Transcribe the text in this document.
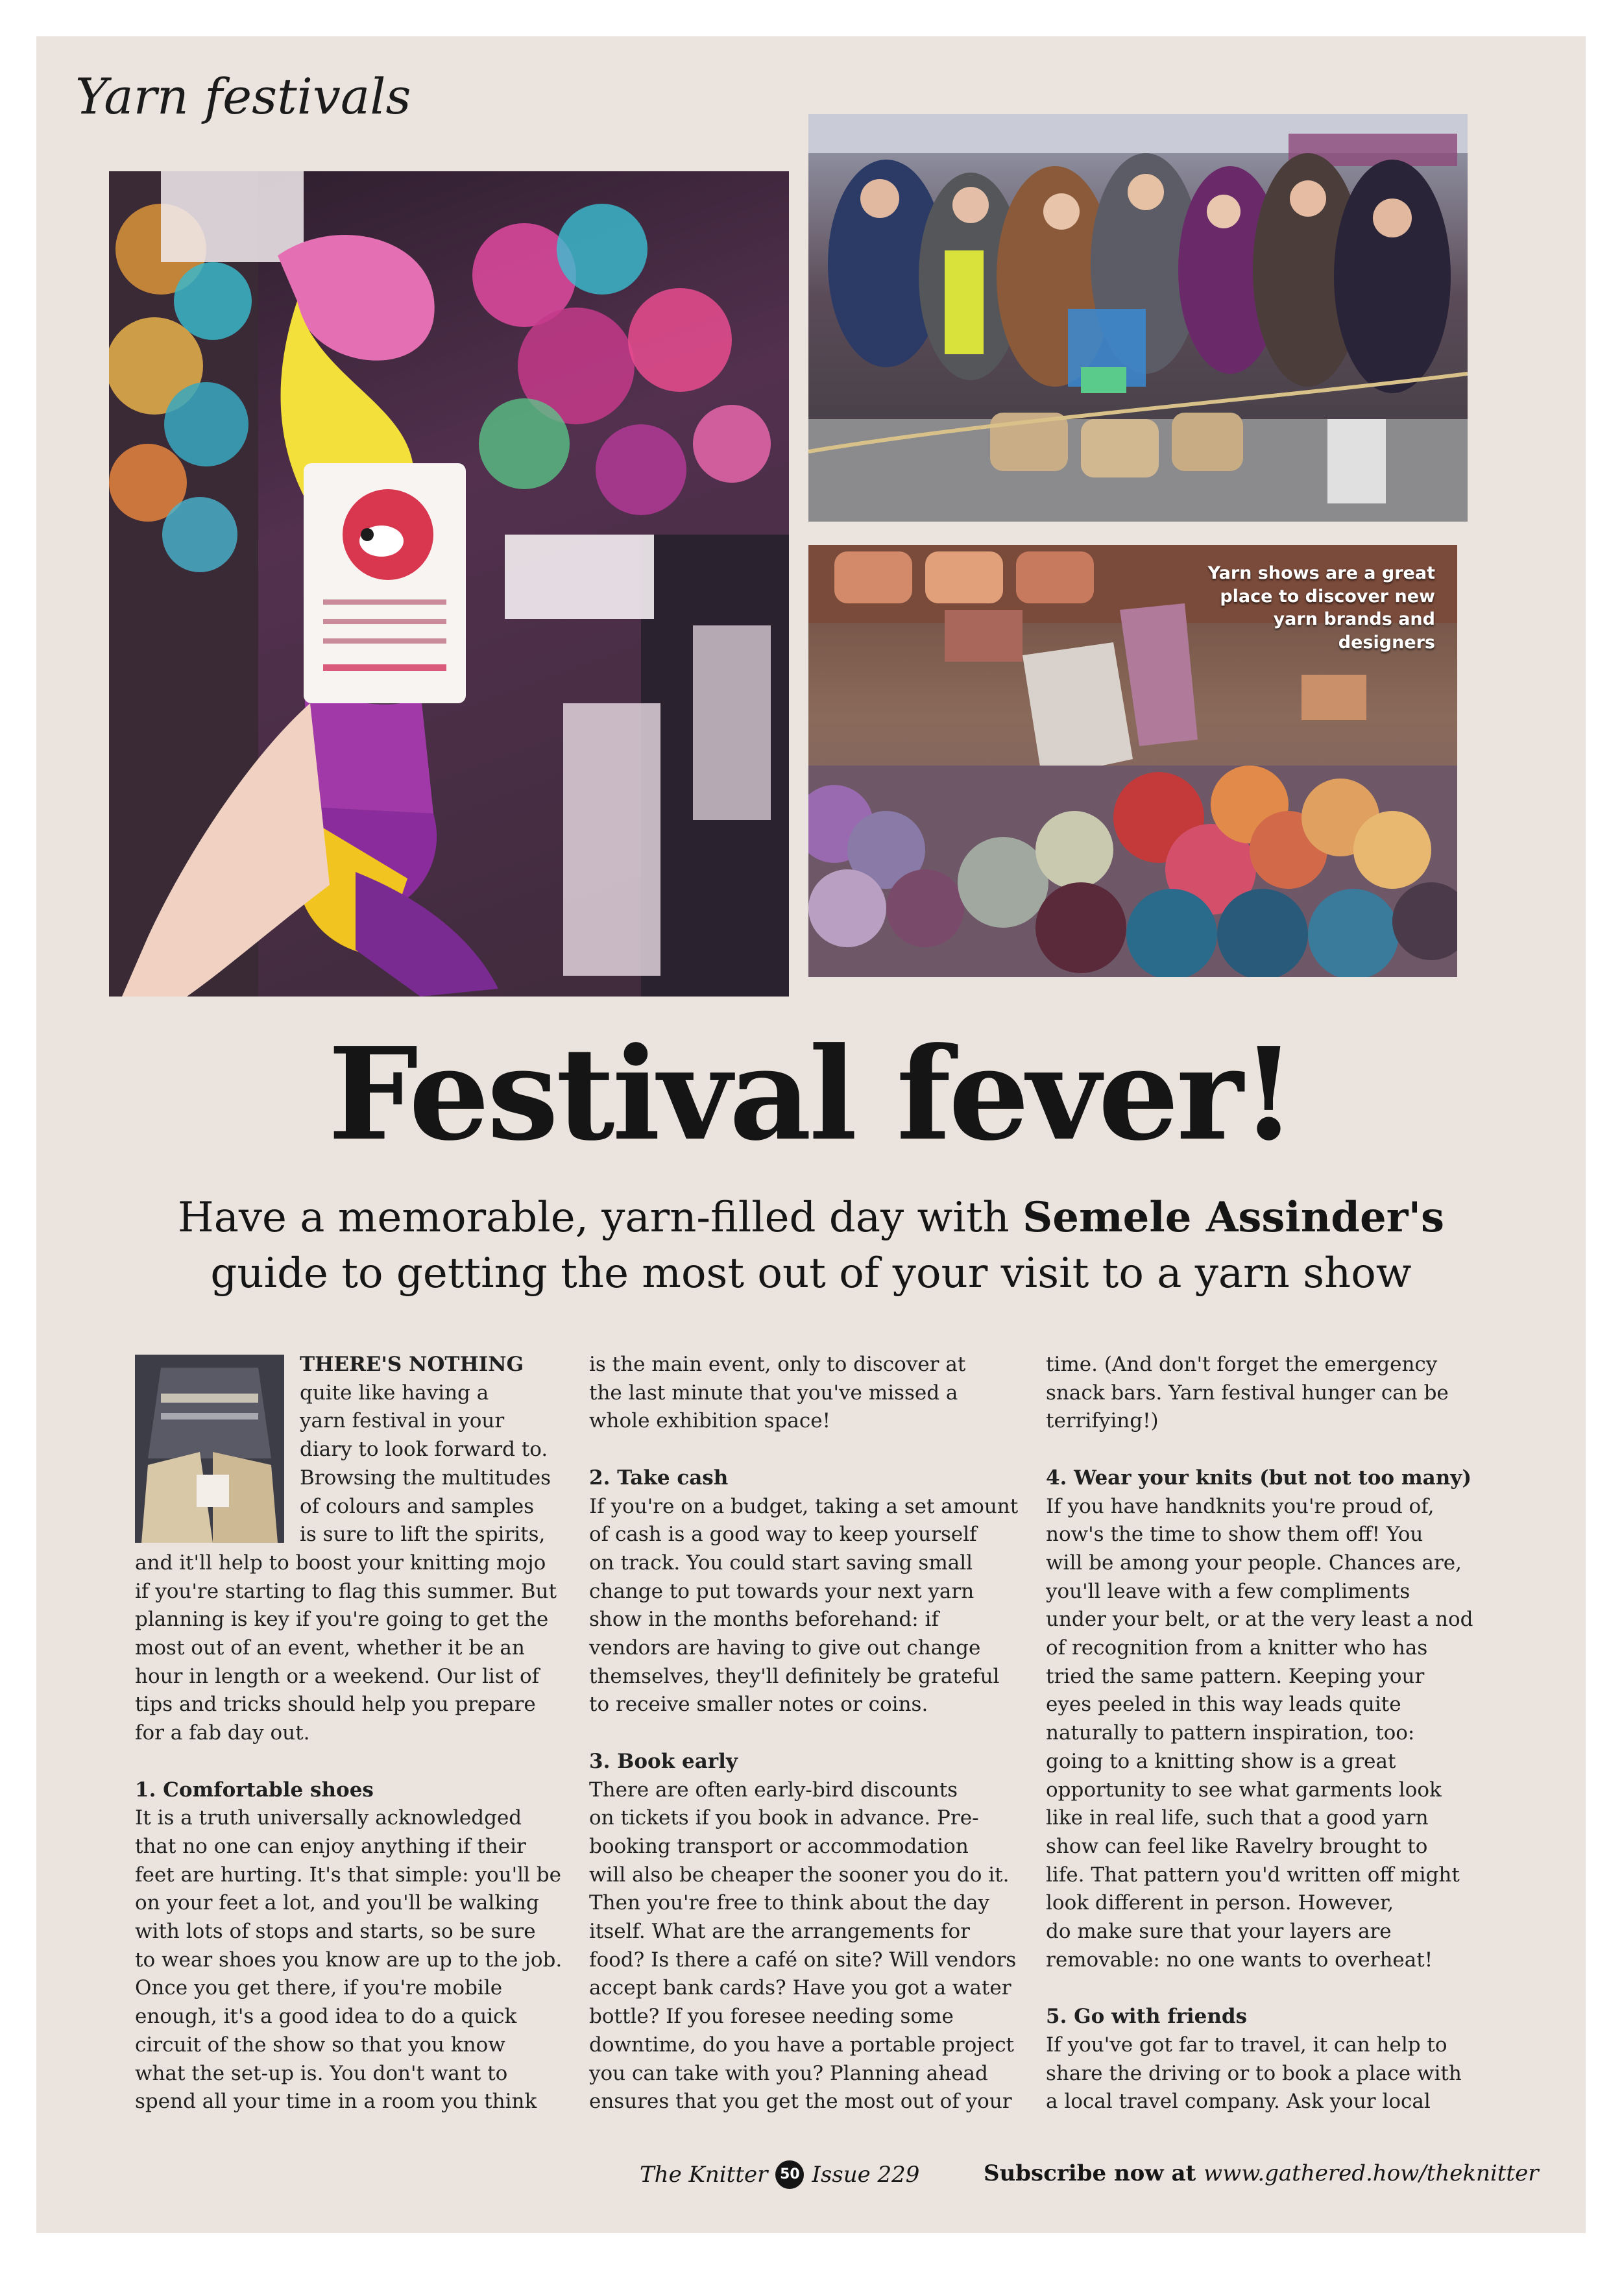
Yarn festivals
Yarn shows are a great place to discover new yarn brands and designers
Festival fever!
Have a memorable, yarn-filled day with Semele Assinder's
guide to getting the most out of your visit to a yarn show
THERE'S NOTHING
quite like having a
yarn festival in your
diary to look forward to.
Browsing the multitudes
of colours and samples
is sure to lift the spirits,
and it'll help to boost your knitting mojo
if you're starting to flag this summer. But
planning is key if you're going to get the
most out of an event, whether it be an
hour in length or a weekend. Our list of
tips and tricks should help you prepare
for a fab day out.
1. Comfortable shoes
It is a truth universally acknowledged
that no one can enjoy anything if their
feet are hurting. It's that simple: you'll be
on your feet a lot, and you'll be walking
with lots of stops and starts, so be sure
to wear shoes you know are up to the job.
Once you get there, if you're mobile
enough, it's a good idea to do a quick
circuit of the show so that you know
what the set-up is. You don't want to
spend all your time in a room you think
is the main event, only to discover at
the last minute that you've missed a
whole exhibition space!
2. Take cash
If you're on a budget, taking a set amount
of cash is a good way to keep yourself
on track. You could start saving small
change to put towards your next yarn
show in the months beforehand: if
vendors are having to give out change
themselves, they'll definitely be grateful
to receive smaller notes or coins.
3. Book early
There are often early-bird discounts
on tickets if you book in advance. Pre-
booking transport or accommodation
will also be cheaper the sooner you do it.
Then you're free to think about the day
itself. What are the arrangements for
food? Is there a café on site? Will vendors
accept bank cards? Have you got a water
bottle? If you foresee needing some
downtime, do you have a portable project
you can take with you? Planning ahead
ensures that you get the most out of your
time. (And don't forget the emergency
snack bars. Yarn festival hunger can be
terrifying!)
4. Wear your knits (but not too many)
If you have handknits you're proud of,
now's the time to show them off! You
will be among your people. Chances are,
you'll leave with a few compliments
under your belt, or at the very least a nod
of recognition from a knitter who has
tried the same pattern. Keeping your
eyes peeled in this way leads quite
naturally to pattern inspiration, too:
going to a knitting show is a great
opportunity to see what garments look
like in real life, such that a good yarn
show can feel like Ravelry brought to
life. That pattern you'd written off might
look different in person. However,
do make sure that your layers are
removable: no one wants to overheat!
5. Go with friends
If you've got far to travel, it can help to
share the driving or to book a place with
a local travel company. Ask your local
The Knitter 50 Issue 229	Subscribe now at www.gathered.how/theknitter
